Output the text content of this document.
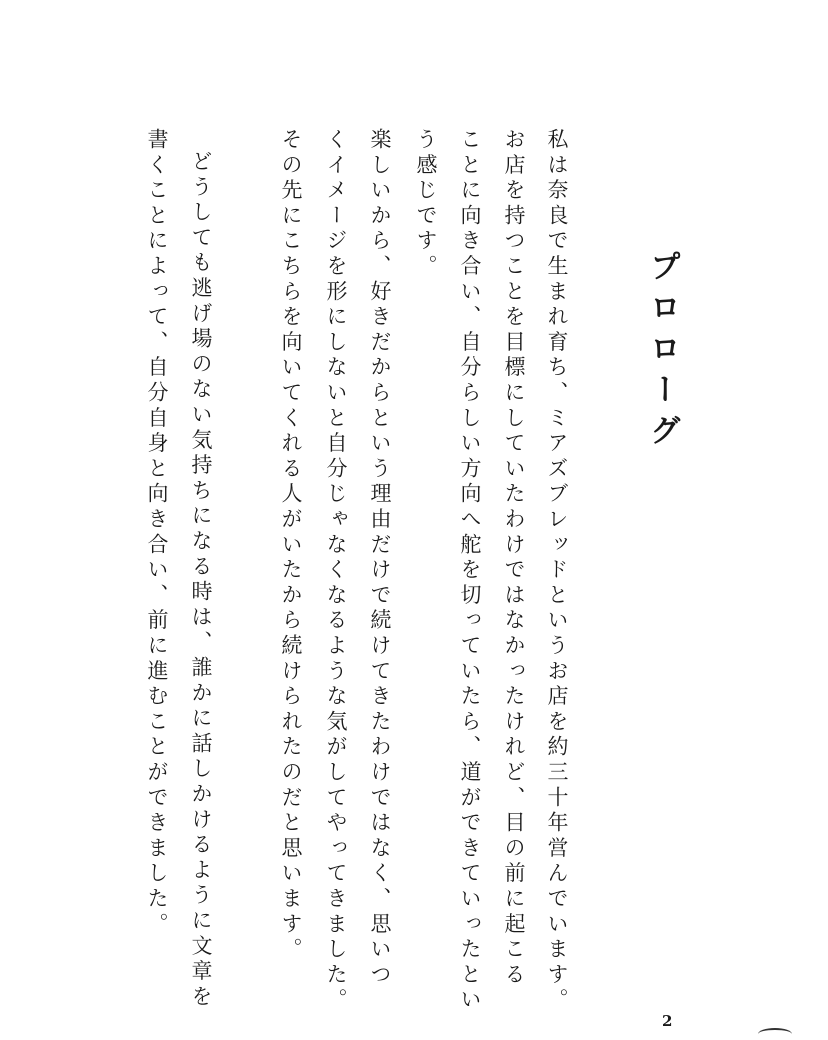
プロローグ
私は奈良で生まれ育ち、ミアズブレッドというお店を約三十年営んでいます。
お店を持つことを目標にしていたわけではなかったけれど、目の前に起こる
ことに向き合い、自分らしい方向へ舵を切っていたら、道ができていったとい
う感じです。
楽しいから、好きだからという理由だけで続けてきたわけではなく、思いつ
くイメージを形にしないと自分じゃなくなるような気がしてやってきました。
その先にこちらを向いてくれる人がいたから続けられたのだと思います。
どうしても逃げ場のない気持ちになる時は、誰かに話しかけるように文章を
書くことによって、自分自身と向き合い、前に進むことができました。
2
